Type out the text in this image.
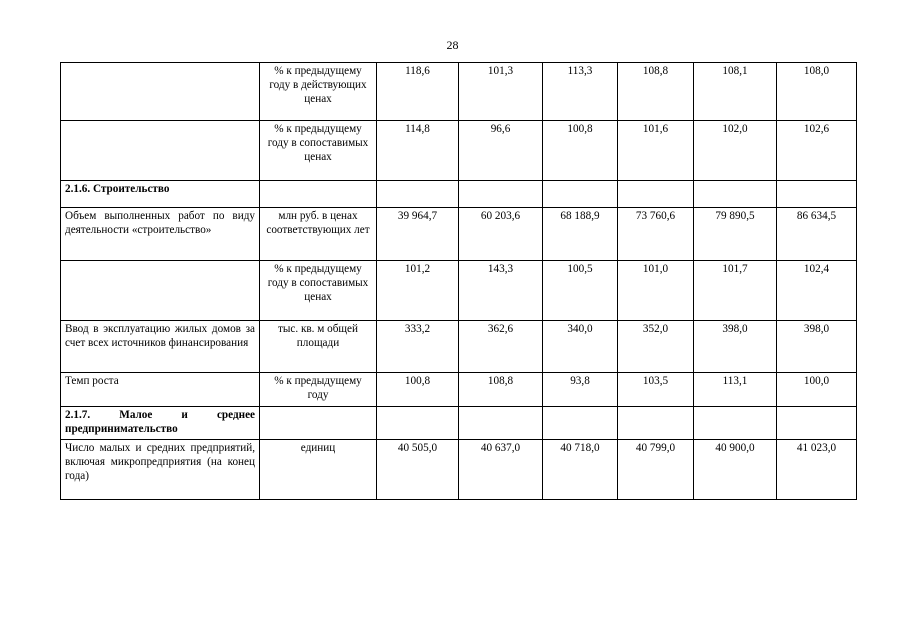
28
	% к предыдущему году в действующих ценах	118,6	101,3	113,3	108,8	108,1	108,0
	% к предыдущему году в сопоставимых ценах	114,8	96,6	100,8	101,6	102,0	102,6
2.1.6. Строительство							
Объем выполненных работ по виду деятельности «строительство»	млн руб. в ценах соответствующих лет	39 964,7	60 203,6	68 188,9	73 760,6	79 890,5	86 634,5
	% к предыдущему году в сопоставимых ценах	101,2	143,3	100,5	101,0	101,7	102,4
Ввод в эксплуатацию жилых домов за счет всех источников финансирования	тыс. кв. м общей площади	333,2	362,6	340,0	352,0	398,0	398,0
Темп роста	% к предыдущему году	100,8	108,8	93,8	103,5	113,1	100,0
2.1.7. Малое и среднее предпринимательство							
Число малых и средних предприятий, включая микропредприятия (на конец года)	единиц	40 505,0	40 637,0	40 718,0	40 799,0	40 900,0	41 023,0
